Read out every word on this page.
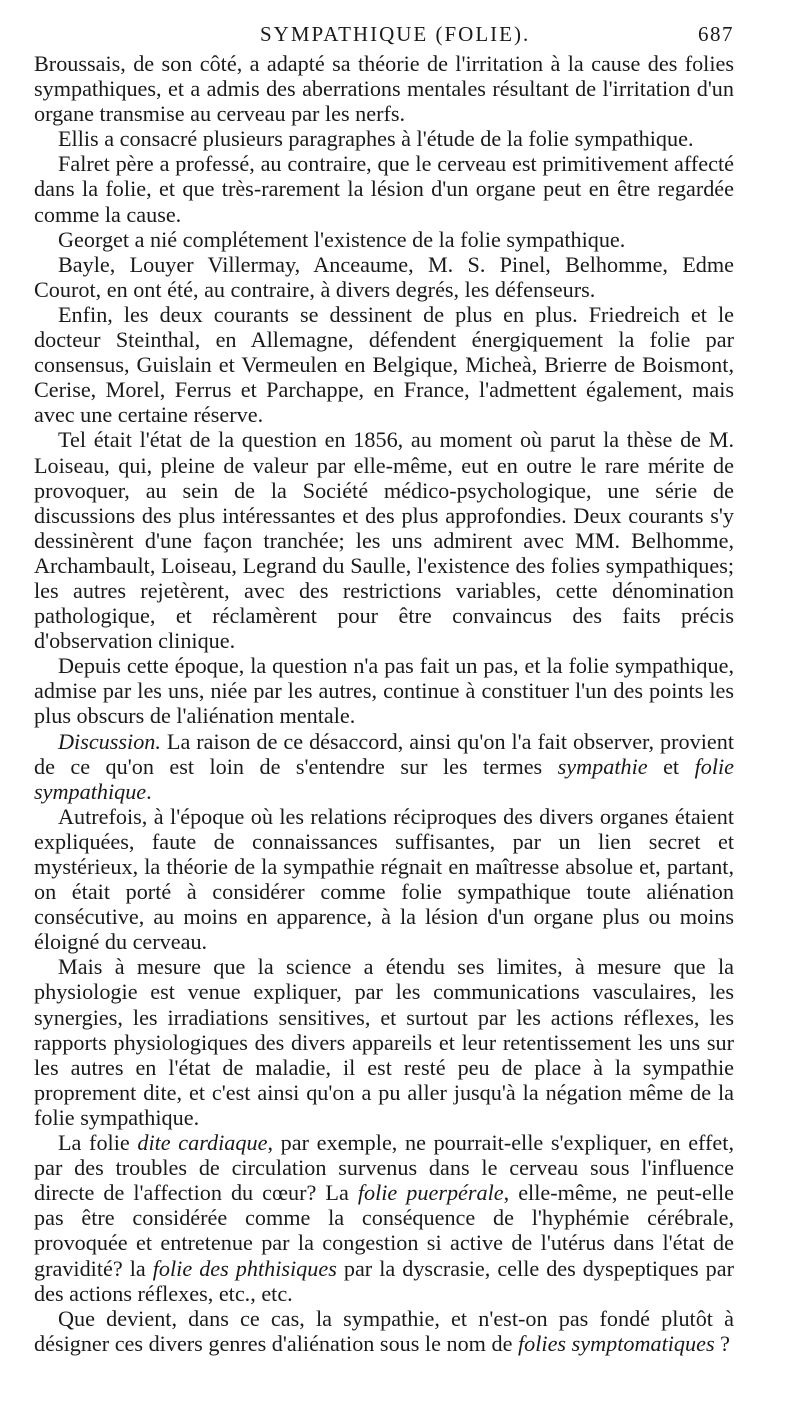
SYMPATHIQUE (FOLIE).	687

Broussais, de son côté, a adapté sa théorie de l'irritation à la cause des folies sympathiques, et a admis des aberrations mentales résultant de l'irritation d'un organe transmise au cerveau par les nerfs.

Ellis a consacré plusieurs paragraphes à l'étude de la folie sympathique.

Falret père a professé, au contraire, que le cerveau est primitivement affecté dans la folie, et que très-rarement la lésion d'un organe peut en être regardée comme la cause.

Georget a nié complétement l'existence de la folie sympathique.

Bayle, Louyer Villermay, Anceaume, M. S. Pinel, Belhomme, Edme Courot, en ont été, au contraire, à divers degrés, les défenseurs.

Enfin, les deux courants se dessinent de plus en plus. Friedreich et le docteur Steinthal, en Allemagne, défendent énergiquement la folie par consensus, Guislain et Vermeulen en Belgique, Micheà, Brierre de Boismont, Cerise, Morel, Ferrus et Parchappe, en France, l'admettent également, mais avec une certaine réserve.

Tel était l'état de la question en 1856, au moment où parut la thèse de M. Loiseau, qui, pleine de valeur par elle-même, eut en outre le rare mérite de provoquer, au sein de la Société médico-psychologique, une série de discussions des plus intéressantes et des plus approfondies. Deux courants s'y dessinèrent d'une façon tranchée; les uns admirent avec MM. Belhomme, Archambault, Loiseau, Legrand du Saulle, l'existence des folies sympathiques; les autres rejetèrent, avec des restrictions variables, cette dénomination pathologique, et réclamèrent pour être convaincus des faits précis d'observation clinique.

Depuis cette époque, la question n'a pas fait un pas, et la folie sympathique, admise par les uns, niée par les autres, continue à constituer l'un des points les plus obscurs de l'aliénation mentale.

Discussion. La raison de ce désaccord, ainsi qu'on l'a fait observer, provient de ce qu'on est loin de s'entendre sur les termes sympathie et folie sympathique.

Autrefois, à l'époque où les relations réciproques des divers organes étaient expliquées, faute de connaissances suffisantes, par un lien secret et mystérieux, la théorie de la sympathie régnait en maîtresse absolue et, partant, on était porté à considérer comme folie sympathique toute aliénation consécutive, au moins en apparence, à la lésion d'un organe plus ou moins éloigné du cerveau.

Mais à mesure que la science a étendu ses limites, à mesure que la physiologie est venue expliquer, par les communications vasculaires, les synergies, les irradiations sensitives, et surtout par les actions réflexes, les rapports physiologiques des divers appareils et leur retentissement les uns sur les autres en l'état de maladie, il est resté peu de place à la sympathie proprement dite, et c'est ainsi qu'on a pu aller jusqu'à la négation même de la folie sympathique.

La folie dite cardiaque, par exemple, ne pourrait-elle s'expliquer, en effet, par des troubles de circulation survenus dans le cerveau sous l'influence directe de l'affection du cœur? La folie puerpérale, elle-même, ne peut-elle pas être considérée comme la conséquence de l'hyphémie cérébrale, provoquée et entretenue par la congestion si active de l'utérus dans l'état de gravidité? la folie des phthisiques par la dyscrasie, celle des dyspeptiques par des actions réflexes, etc., etc.

Que devient, dans ce cas, la sympathie, et n'est-on pas fondé plutôt à désigner ces divers genres d'aliénation sous le nom de folies symptomatiques ?
